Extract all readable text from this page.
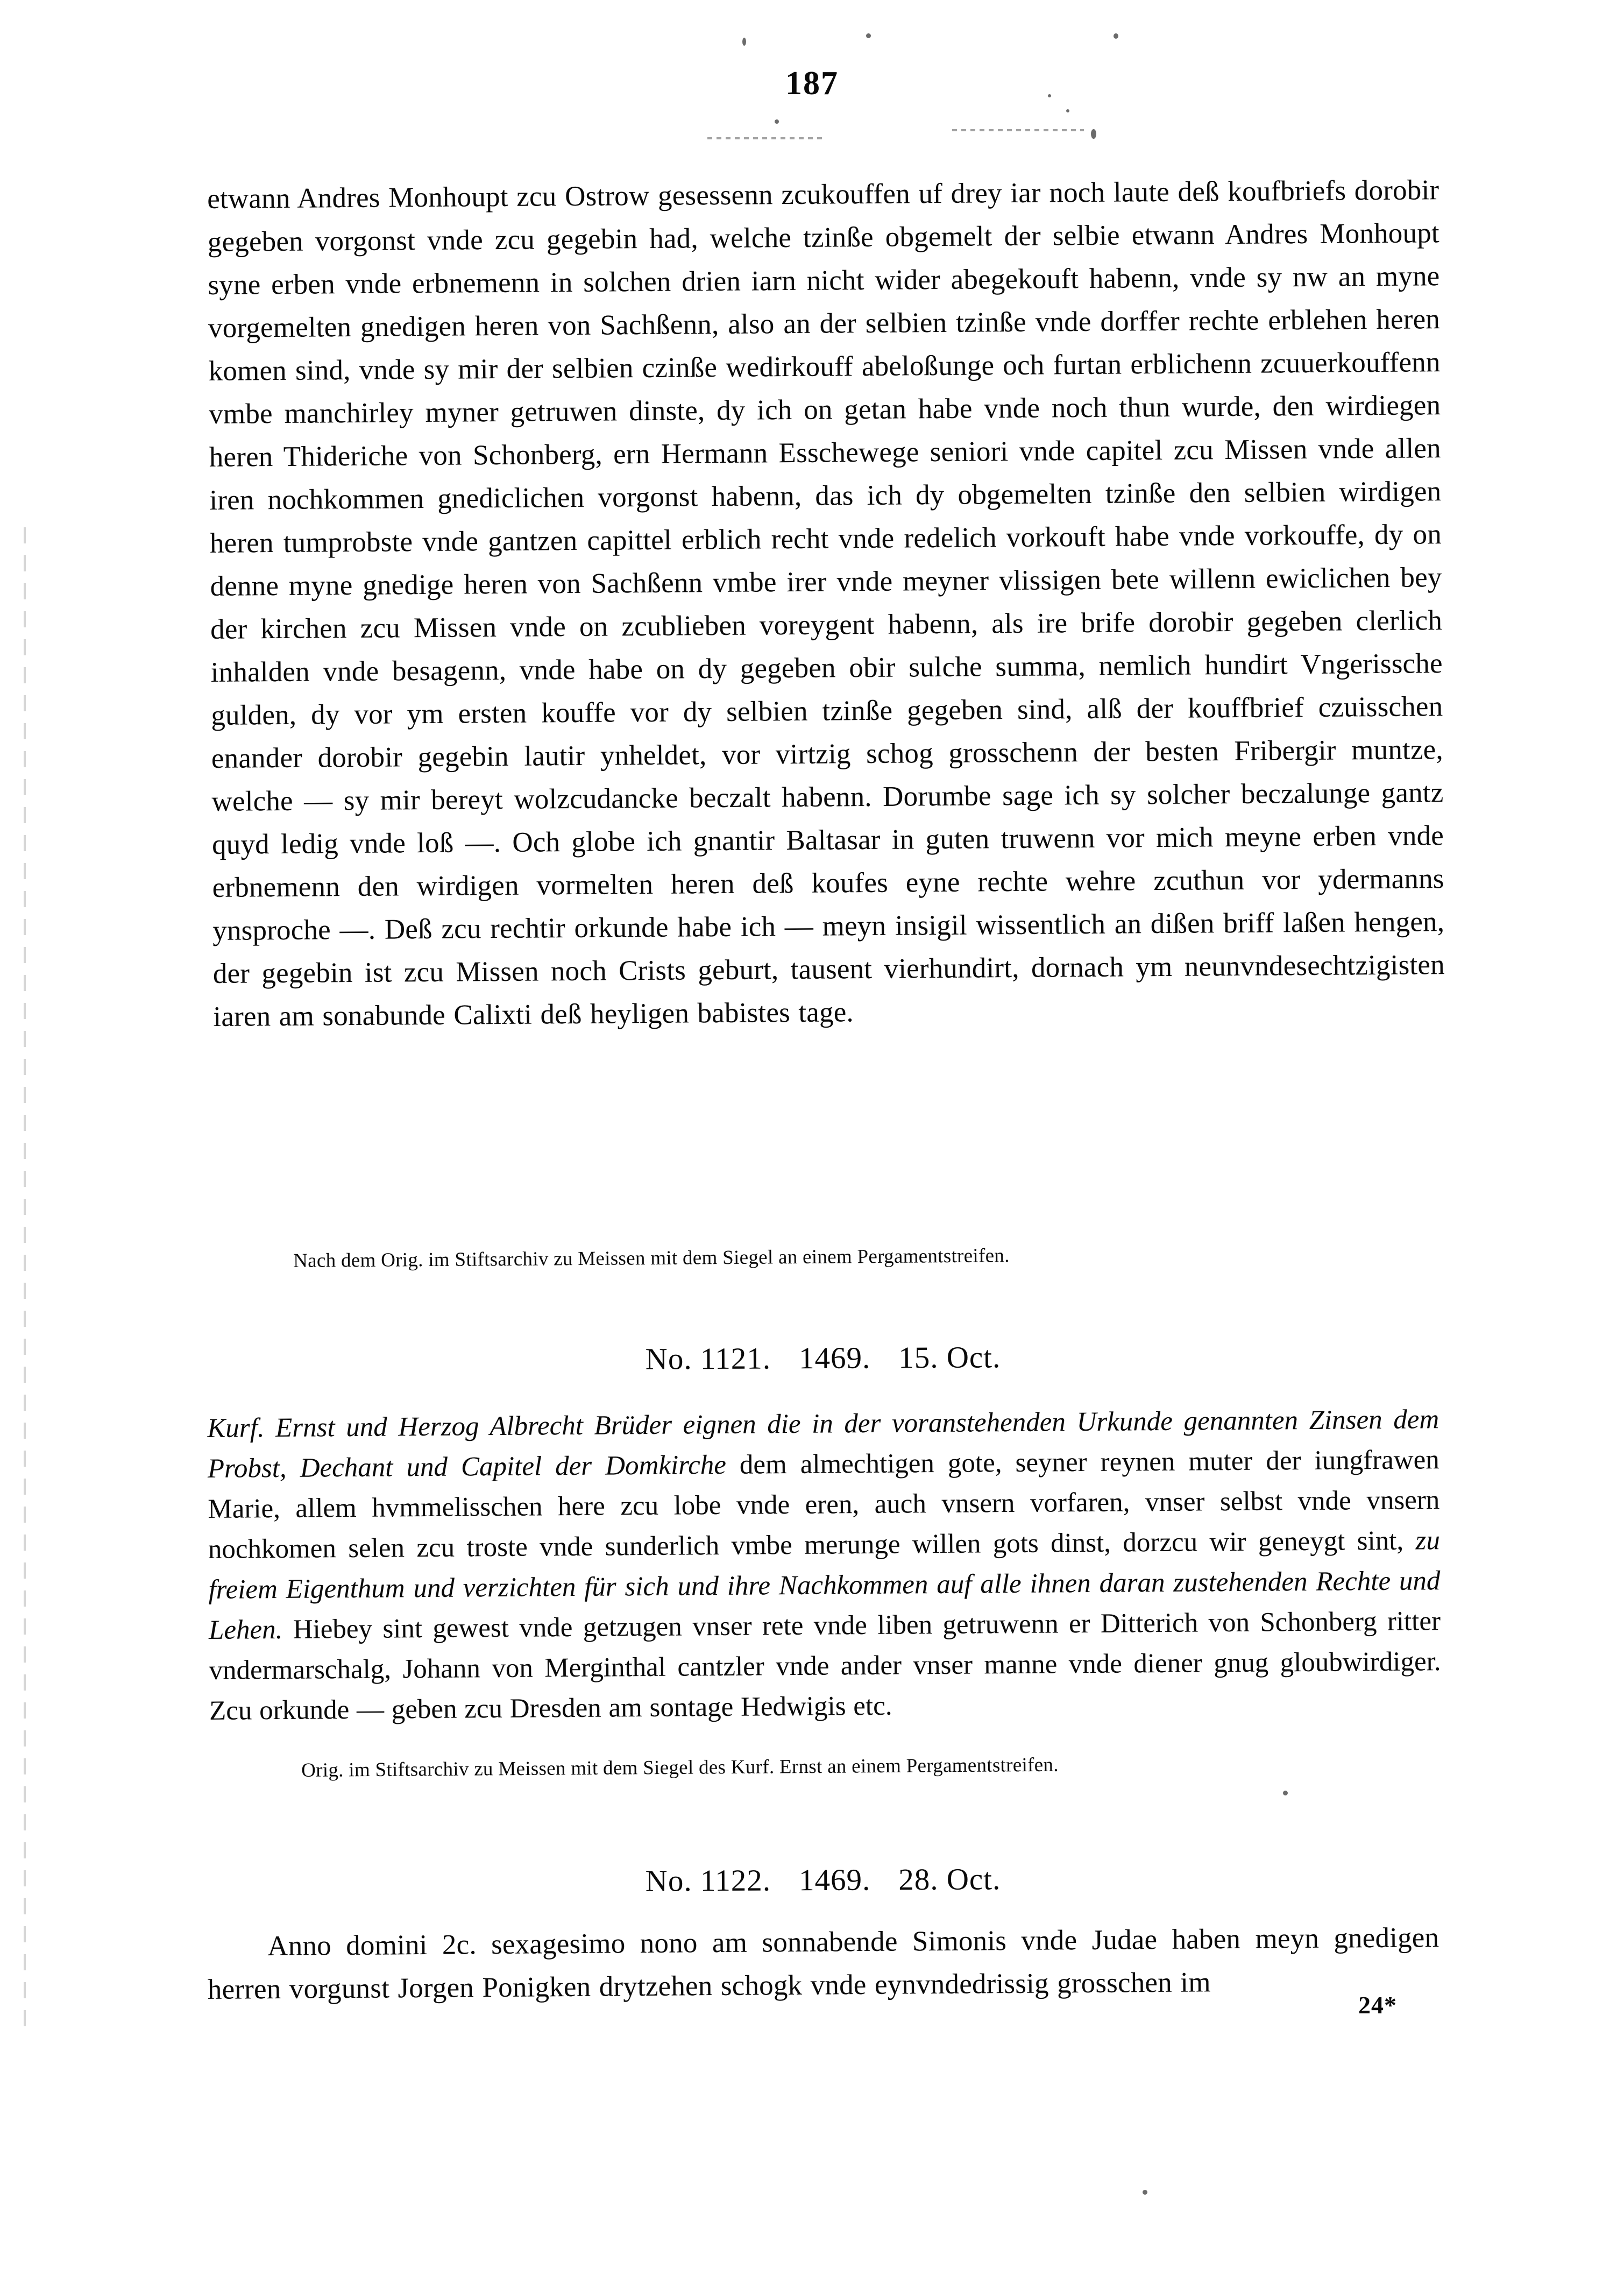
187
etwann Andres Monhoupt zcu Ostrow gesessenn zcukouffen uf drey iar noch laute deß koufbriefs dorobir gegeben vorgonst vnde zcu gegebin had, welche tzinße obgemelt der selbie etwann Andres Monhoupt syne erben vnde erbnemenn in solchen drien iarn nicht wider abegekouft habenn, vnde sy nw an myne vorgemelten gnedigen heren von Sachßenn, also an der selbien tzinße vnde dorffer rechte erblehen heren komen sind, vnde sy mir der selbien czinße wedirkouff abeloßunge och furtan erblichenn zcuuerkouffenn vmbe manchirley myner getruwen dinste, dy ich on getan habe vnde noch thun wurde, den wirdiegen heren Thideriche von Schonberg, ern Hermann Esschewege seniori vnde capitel zcu Missen vnde allen iren nochkommen gnediclichen vorgonst habenn, das ich dy obgemelten tzinße den selbien wirdigen heren tumprobste vnde gantzen capittel erblich recht vnde redelich vorkouft habe vnde vorkouffe, dy on denne myne gnedige heren von Sachßenn vmbe irer vnde meyner vlissigen bete willenn ewiclichen bey der kirchen zcu Missen vnde on zcublieben voreygent habenn, als ire brife dorobir gegeben clerlich inhalden vnde besagenn, vnde habe on dy gegeben obir sulche summa, nemlich hundirt Vngerissche gulden, dy vor ym ersten kouffe vor dy selbien tzinße gegeben sind, alß der kouffbrief czuisschen enander dorobir gegebin lautir ynheldet, vor virtzig schog grosschenn der besten Fribergir muntze, welche — sy mir bereyt wolzcudancke beczalt habenn. Dorumbe sage ich sy solcher beczalunge gantz quyd ledig vnde loß —. Och globe ich gnantir Baltasar in guten truwenn vor mich meyne erben vnde erbnemenn den wirdigen vormelten heren deß koufes eyne rechte wehre zcuthun vor ydermanns ynsproche —. Deß zcu rechtir orkunde habe ich — meyn insigil wissentlich an dißen briff laßen hengen, der gegebin ist zcu Missen noch Crists geburt, tausent vierhundirt, dornach ym neunvndesechtzigisten iaren am sonabunde Calixti deß heyligen babistes tage.
Nach dem Orig. im Stiftsarchiv zu Meissen mit dem Siegel an einem Pergamentstreifen.
No. 1121. 1469. 15. Oct.
Kurf. Ernst und Herzog Albrecht Brüder eignen die in der voranstehenden Urkunde genannten Zinsen dem Probst, Dechant und Capitel der Domkirche dem almechtigen gote, seyner reynen muter der iungfrawen Marie, allem hvmmelisschen here zcu lobe vnde eren, auch vnsern vorfaren, vnser selbst vnde vnsern nochkomen selen zcu troste vnde sunderlich vmbe merunge willen gots dinst, dorzcu wir geneygt sint, zu freiem Eigenthum und verzichten für sich und ihre Nachkommen auf alle ihnen daran zustehenden Rechte und Lehen. Hiebey sint gewest vnde getzugen vnser rete vnde liben getruwenn er Ditterich von Schonberg ritter vndermarschalg, Johann von Merginthal cantzler vnde ander vnser manne vnde diener gnug gloubwirdiger. Zcu orkunde — geben zcu Dresden am sontage Hedwigis etc.
Orig. im Stiftsarchiv zu Meissen mit dem Siegel des Kurf. Ernst an einem Pergamentstreifen.
No. 1122. 1469. 28. Oct.
Anno domini 2c. sexagesimo nono am sonnabende Simonis vnde Judae haben meyn gnedigen herren vorgunst Jorgen Ponigken drytzehen schogk vnde eynvndedrissig grosschen im	24*
